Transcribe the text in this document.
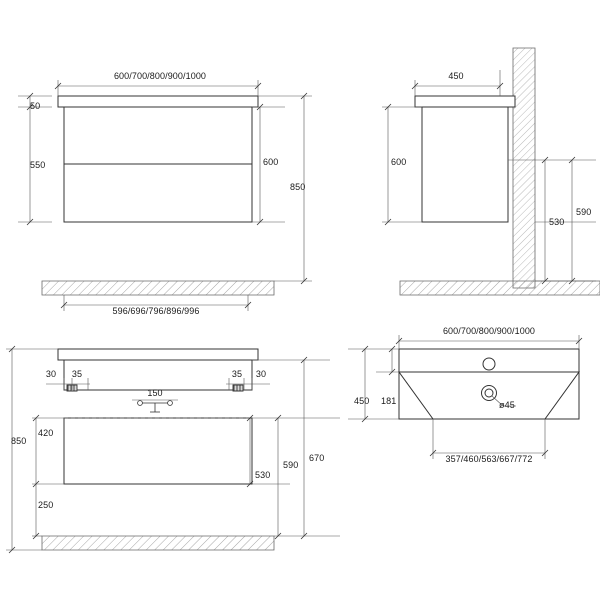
600/700/800/900/1000
50
550	600
850
596/696/796/896/996
450
600
530
590
30 35	35 30
150
850
420
250
530
590
670
600/700/800/900/1000
450 181	ø45
357/460/563/667/772
